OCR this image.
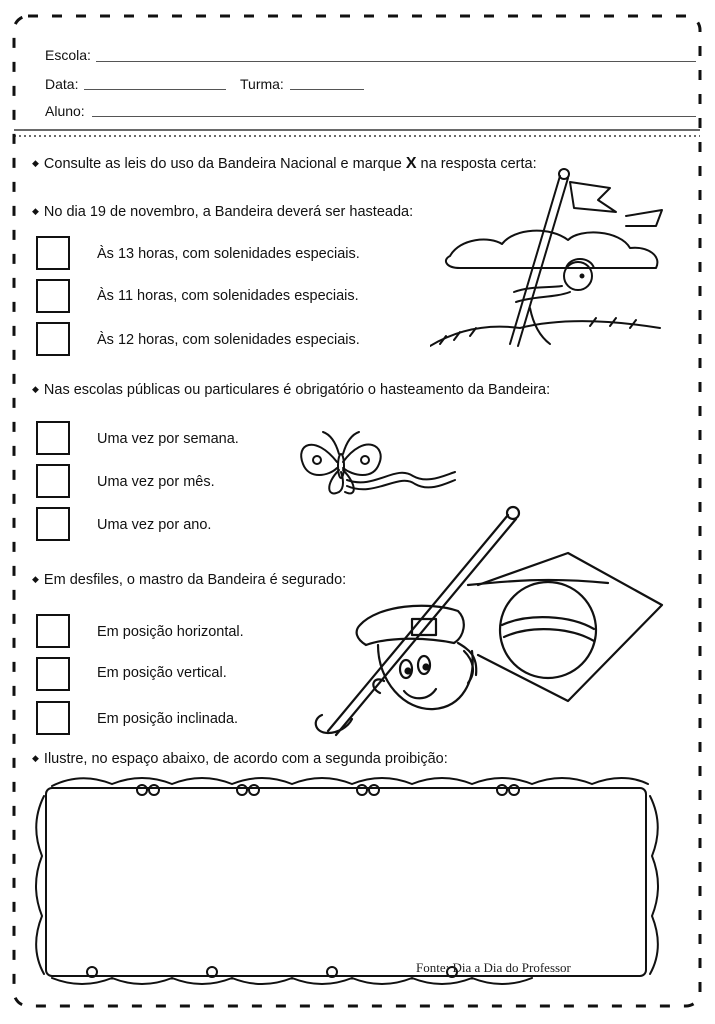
Escola:
Data:	Turma:
Aluno:
◆ Consulte as leis do uso da Bandeira Nacional e marque X na resposta certa:
◆ No dia 19 de novembro, a Bandeira deverá ser hasteada:
Às 13 horas, com solenidades especiais.
Às 11 horas, com solenidades especiais.
Às 12 horas, com solenidades especiais.
◆ Nas escolas públicas ou particulares é obrigatório o hasteamento da Bandeira:
Uma vez por semana.
Uma vez por mês.
Uma vez por ano.
◆ Em desfiles, o mastro da Bandeira é segurado:
Em posição horizontal.
Em posição vertical.
Em posição inclinada.
◆ Ilustre, no espaço abaixo, de acordo com a segunda proibição:
Fonte: Dia a Dia do Professor
